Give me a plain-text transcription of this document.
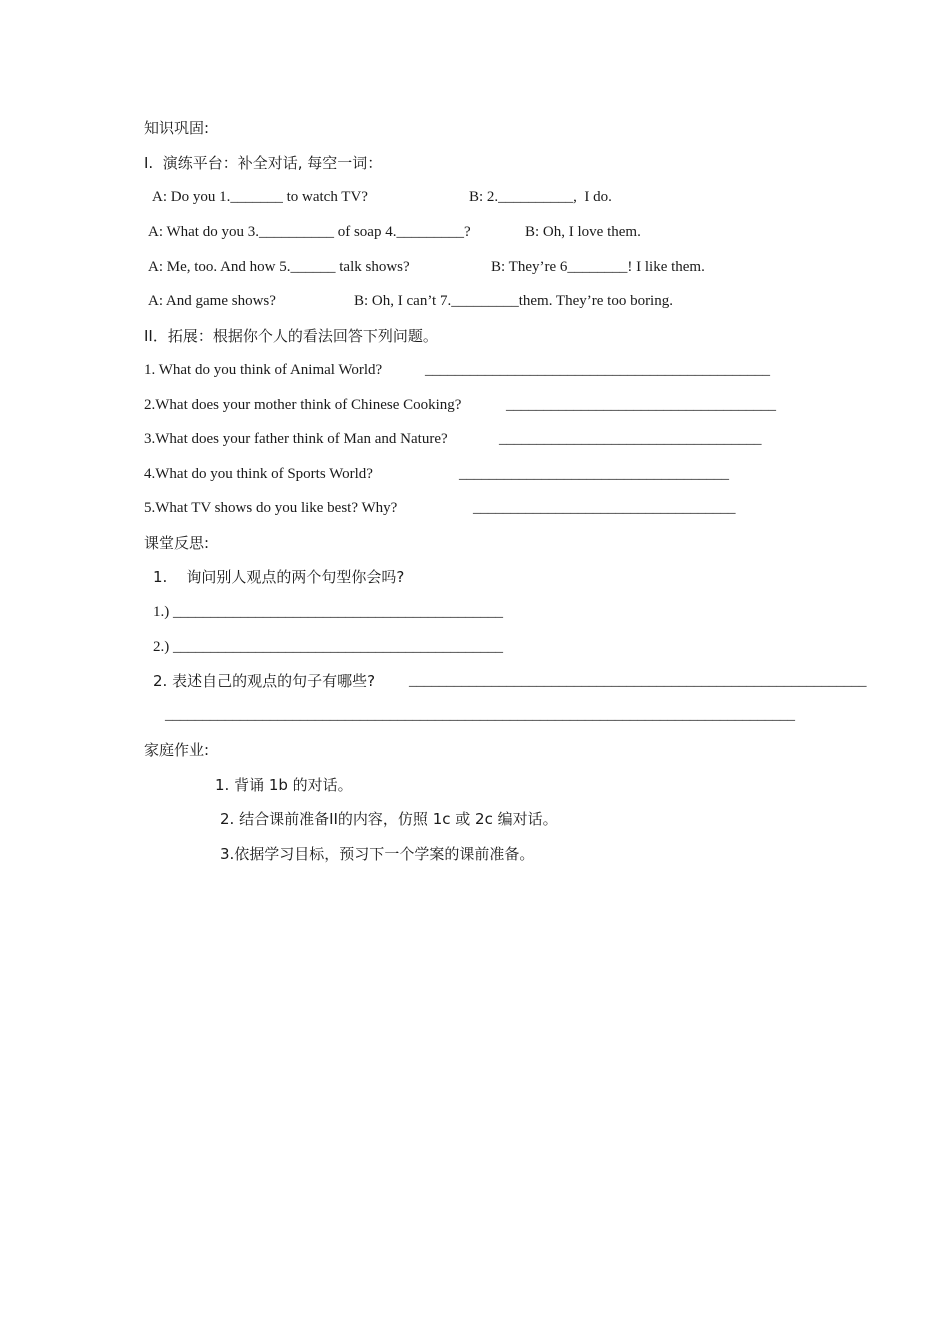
知识巩固:
I.  演练平台：补全对话, 每空一词：
A: Do you 1._______ to watch TV?	B: 2.__________,  I do.
A: What do you 3.__________ of soap 4._________?	B: Oh, I love them.
A: Me, too. And how 5.______ talk shows?	B: They’re 6________! I like them.
A: And game shows?	B: Oh, I can’t 7._________them. They’re too boring.
II．拓展：根据你个人的看法回答下列问题。
1. What do you think of Animal World?	______________________________________________
2.What does your mother think of Chinese Cooking?	____________________________________
3.What does your father think of Man and Nature?	___________________________________
4.What do you think of Sports World?	____________________________________
5.What TV shows do you like best? Why?	___________________________________
课堂反思:
1.    询问别人观点的两个句型你会吗?
1.) ____________________________________________
2.) ____________________________________________
2. 表述自己的观点的句子有哪些? _____________________________________________________________
____________________________________________________________________________________
家庭作业:
1. 背诵 1b 的对话。
2. 结合课前准备II的内容，仿照 1c 或 2c 编对话。
3.依据学习目标，预习下一个学案的课前准备。
